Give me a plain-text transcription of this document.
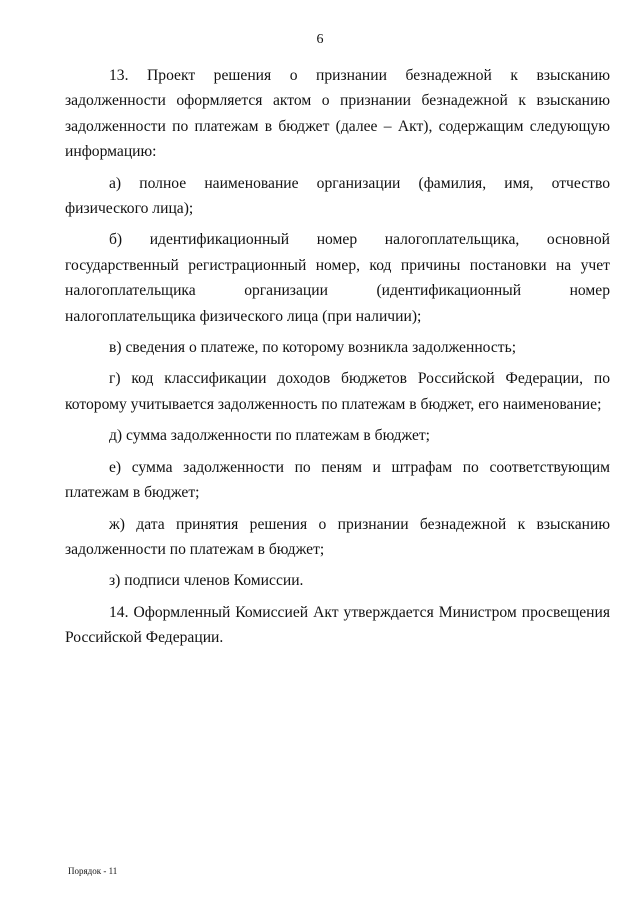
6

13. Проект решения о признании безнадежной к взысканию задолженности оформляется актом о признании безнадежной к взысканию задолженности по платежам в бюджет (далее – Акт), содержащим следующую информацию:

а) полное наименование организации (фамилия, имя, отчество физического лица);

б) идентификационный номер налогоплательщика, основной государственный регистрационный номер, код причины постановки на учет налогоплательщика организации (идентификационный номер налогоплательщика физического лица (при наличии);

в) сведения о платеже, по которому возникла задолженность;

г) код классификации доходов бюджетов Российской Федерации, по которому учитывается задолженность по платежам в бюджет, его наименование;

д) сумма задолженности по платежам в бюджет;

е) сумма задолженности по пеням и штрафам по соответствующим платежам в бюджет;

ж) дата принятия решения о признании безнадежной к взысканию задолженности по платежам в бюджет;

з) подписи членов Комиссии.

14. Оформленный Комиссией Акт утверждается Министром просвещения Российской Федерации.

Порядок - 11
